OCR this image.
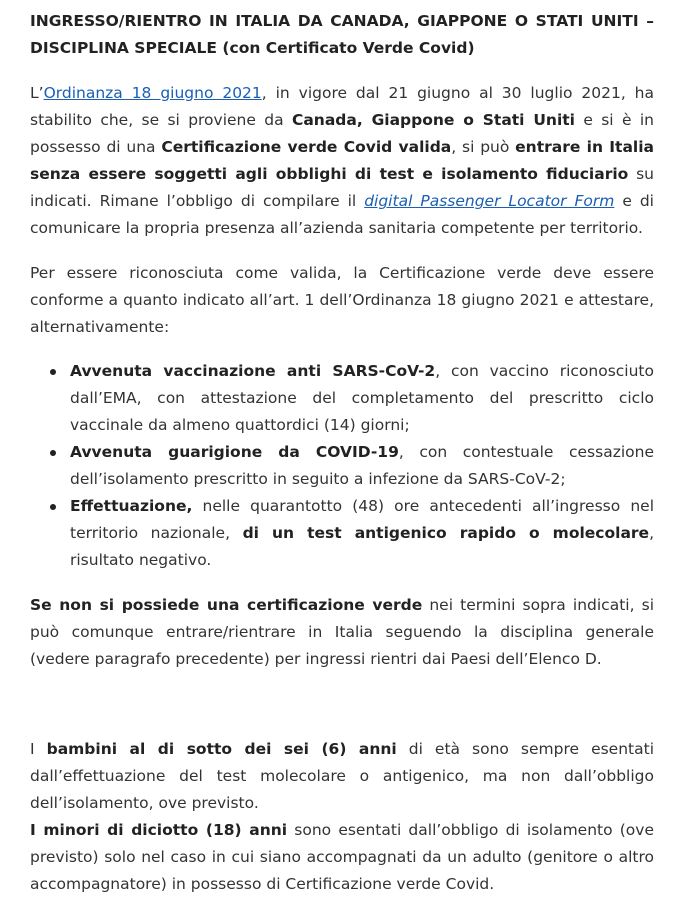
INGRESSO/RIENTRO IN ITALIA DA CANADA, GIAPPONE O STATI UNITI – DISCIPLINA SPECIALE (con Certificato Verde Covid)
L’Ordinanza 18 giugno 2021, in vigore dal 21 giugno al 30 luglio 2021, ha stabilito che, se si proviene da Canada, Giappone o Stati Uniti e si è in possesso di una Certificazione verde Covid valida, si può entrare in Italia senza essere soggetti agli obblighi di test e isolamento fiduciario su indicati. Rimane l’obbligo di compilare il digital Passenger Locator Form e di comunicare la propria presenza all’azienda sanitaria competente per territorio.
Per essere riconosciuta come valida, la Certificazione verde deve essere conforme a quanto indicato all’art. 1 dell’Ordinanza 18 giugno 2021 e attestare, alternativamente:
Avvenuta vaccinazione anti SARS-CoV-2, con vaccino riconosciuto dall’EMA, con attestazione del completamento del prescritto ciclo vaccinale da almeno quattordici (14) giorni;
Avvenuta guarigione da COVID-19, con contestuale cessazione dell’isolamento prescritto in seguito a infezione da SARS-CoV-2;
Effettuazione, nelle quarantotto (48) ore antecedenti all’ingresso nel territorio nazionale, di un test antigenico rapido o molecolare, risultato negativo.
Se non si possiede una certificazione verde nei termini sopra indicati, si può comunque entrare/rientrare in Italia seguendo la disciplina generale (vedere paragrafo precedente) per ingressi rientri dai Paesi dell’Elenco D.
I bambini al di sotto dei sei (6) anni di età sono sempre esentati dall’effettuazione del test molecolare o antigenico, ma non dall’obbligo dell’isolamento, ove previsto.
I minori di diciotto (18) anni sono esentati dall’obbligo di isolamento (ove previsto) solo nel caso in cui siano accompagnati da un adulto (genitore o altro accompagnatore) in possesso di Certificazione verde Covid.
